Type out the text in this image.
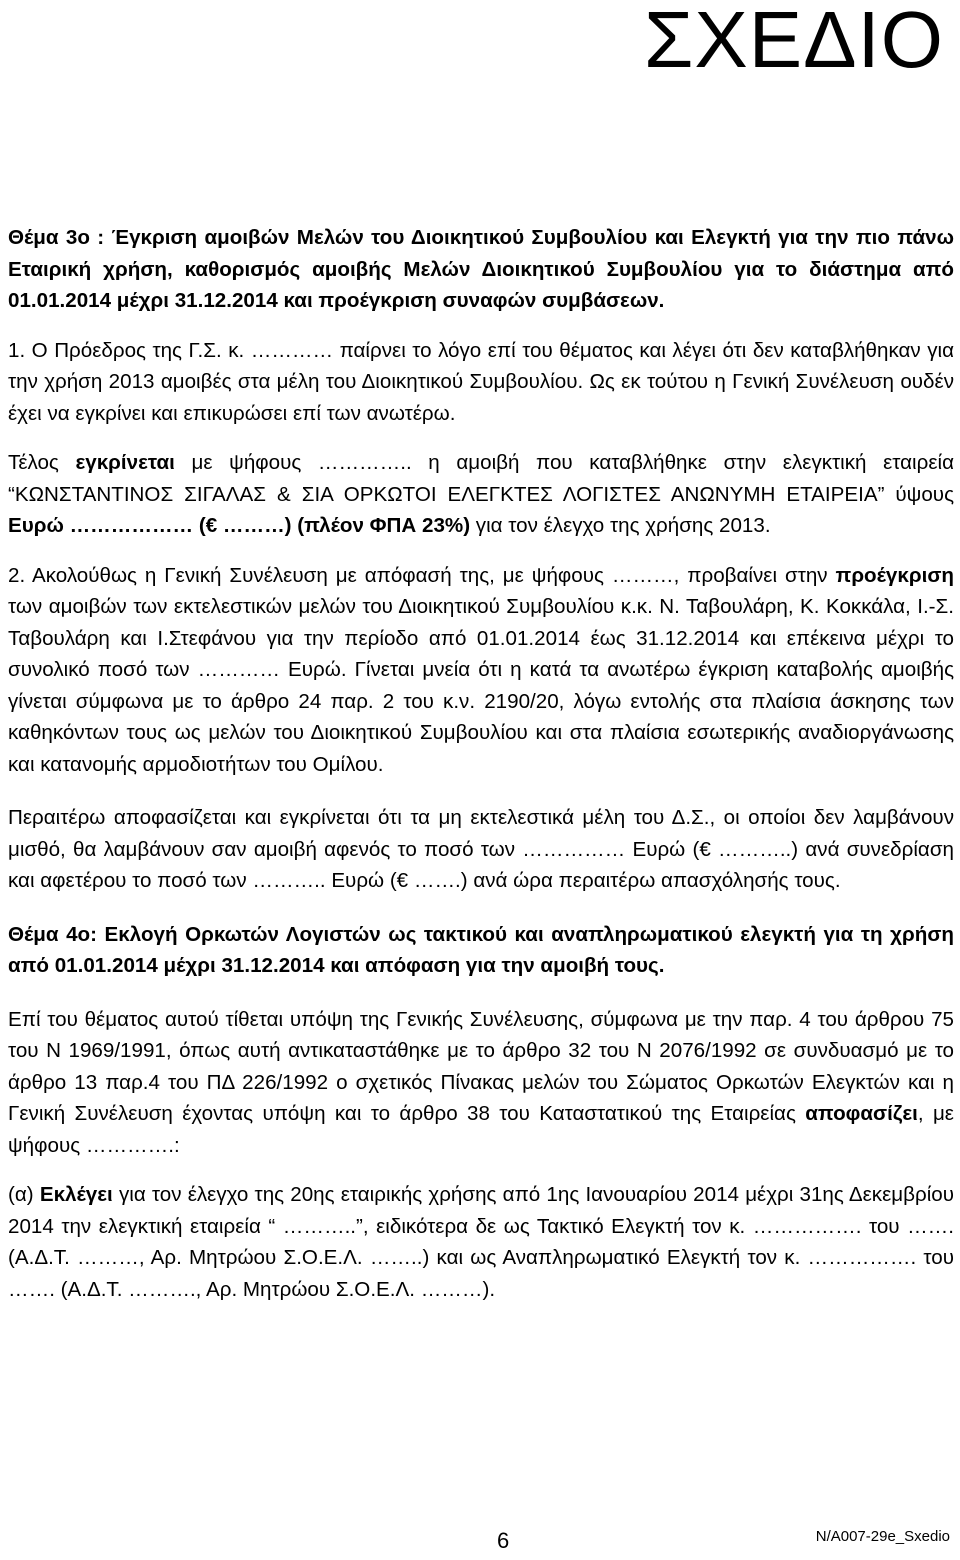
ΣΧΕΔΙΟ

Θέμα 3ο : Έγκριση αμοιβών Μελών του Διοικητικού Συμβουλίου και Ελεγκτή για την πιο πάνω Εταιρική χρήση, καθορισμός αμοιβής Μελών Διοικητικού Συμβουλίου για το διάστημα από 01.01.2014 μέχρι 31.12.2014 και προέγκριση συναφών συμβάσεων.

1. Ο Πρόεδρος της Γ.Σ. κ. ………… παίρνει το λόγο επί του θέματος και λέγει ότι δεν καταβλήθηκαν για την χρήση 2013 αμοιβές στα μέλη του Διοικητικού Συμβουλίου. Ως εκ τούτου η Γενική Συνέλευση ουδέν έχει να εγκρίνει και επικυρώσει επί των ανωτέρω.

Τέλος εγκρίνεται με ψήφους ………….. η αμοιβή που καταβλήθηκε στην ελεγκτική εταιρεία “ΚΩΝΣΤΑΝΤΙΝΟΣ ΣΙΓΑΛΑΣ & ΣΙΑ ΟΡΚΩΤΟΙ ΕΛΕΓΚΤΕΣ ΛΟΓΙΣΤΕΣ ΑΝΩΝΥΜΗ ΕΤΑΙΡΕΙΑ” ύψους Ευρώ ……………… (€ ………) (πλέον ΦΠΑ 23%) για τον έλεγχο της χρήσης 2013.

2. Ακολούθως η Γενική Συνέλευση με απόφασή της, με ψήφους ………, προβαίνει στην προέγκριση των αμοιβών των εκτελεστικών μελών του Διοικητικού Συμβουλίου κ.κ. Ν. Ταβουλάρη, Κ. Κοκκάλα, Ι.-Σ. Ταβουλάρη και Ι.Στεφάνου για την περίοδο από 01.01.2014 έως 31.12.2014 και επέκεινα μέχρι το συνολικό ποσό των ………… Ευρώ. Γίνεται μνεία ότι η κατά τα ανωτέρω έγκριση καταβολής αμοιβής γίνεται σύμφωνα με το άρθρο 24 παρ. 2 του κ.ν. 2190/20, λόγω εντολής στα πλαίσια άσκησης των καθηκόντων τους ως μελών του Διοικητικού Συμβουλίου και στα πλαίσια εσωτερικής αναδιοργάνωσης και κατανομής αρμοδιοτήτων του Ομίλου.

Περαιτέρω αποφασίζεται και εγκρίνεται ότι τα μη εκτελεστικά μέλη του Δ.Σ., οι οποίοι δεν λαμβάνουν μισθό, θα λαμβάνουν σαν αμοιβή αφενός το ποσό των …………… Ευρώ (€ ………..) ανά συνεδρίαση και αφετέρου το ποσό των ……….. Ευρώ (€ …….) ανά ώρα περαιτέρω απασχόλησής τους.

Θέμα 4ο: Εκλογή Ορκωτών Λογιστών ως τακτικού και αναπληρωματικού ελεγκτή για τη χρήση από 01.01.2014 μέχρι 31.12.2014 και απόφαση για την αμοιβή τους.

Επί του θέματος αυτού τίθεται υπόψη της Γενικής Συνέλευσης, σύμφωνα με την παρ. 4 του άρθρου 75 του Ν 1969/1991, όπως αυτή αντικαταστάθηκε με το άρθρο 32 του Ν 2076/1992 σε συνδυασμό με το άρθρο 13 παρ.4 του ΠΔ 226/1992 ο σχετικός Πίνακας μελών του Σώματος Ορκωτών Ελεγκτών και η Γενική Συνέλευση έχοντας υπόψη και το άρθρο 38 του Καταστατικού της Εταιρείας αποφασίζει, με ψήφους ………….:

(α) Εκλέγει για τον έλεγχο της 20ης εταιρικής χρήσης από 1ης Ιανουαρίου 2014 μέχρι 31ης Δεκεμβρίου 2014 την ελεγκτική εταιρεία “ ………..”, ειδικότερα δε ως Τακτικό Ελεγκτή τον κ. ……………. του ……. (Α.Δ.Τ. ………, Αρ. Μητρώου Σ.Ο.Ε.Λ. ……..) και ως Αναπληρωματικό Ελεγκτή τον κ. ……………. του ……. (Α.Δ.Τ. ………., Αρ. Μητρώου Σ.Ο.Ε.Λ. ………).

6	N/A007-29e_Sxedio
